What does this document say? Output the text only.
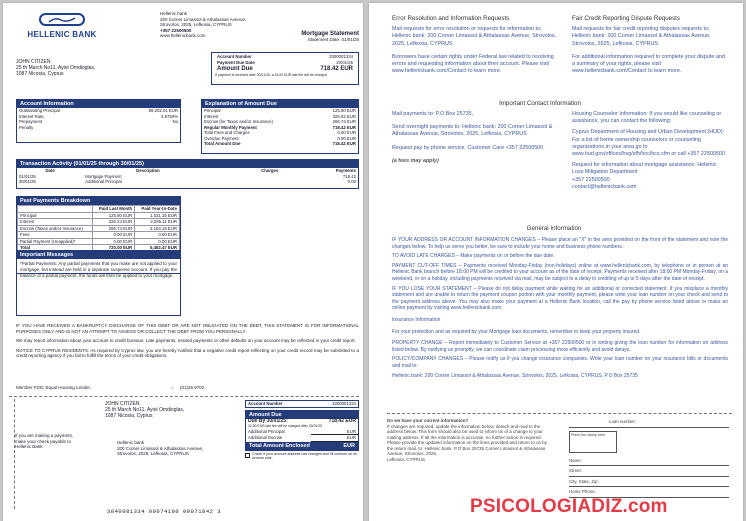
HELLENIC BANK
Hellenic bank
200 Corner Limassol & Athalassas Avenue,
Strovolos, 2025, Lefkosia, CYPRUS
+357 22500500
www.hellenicbank.com	Mortgage Statement
Statement Date: 01/01/25
JOHN CITIZEN
25 th March No11, Ayioi Omdioglas,
1087 Nicosia, Cyprus
Account Number	3300001334
Payment Due Date	20/01/25
Amount Due	718.42 EUR
If payment is received after 20/01/25, a 25.00 EUR late fee will be charged
Account Information
Outstanding Principal	89,202.01 EUR
Interest Rate	3.8750%
Prepayment	No
Penalty	
Explanation of Amount Due
Principal	125.80 EUR
Interest	325.82 EUR
Escrow (for Taxes and/or Insurance)	266.74 EUR
Regular Monthly Payment	718.42 EUR
Total Fees and Charges	0.00 EUR
Overdue Payment	0.00 EUR
Total Amount Due	718.42 EUR
Transaction Activity (01/01/25 through 30/01/25)
Date	Description	Charges	Payments
01/01/25	Mortgage Payment		718.42
30/01/25	Additional Principal		0.00
Past Payments Breakdown
	Paid Last Month	Paid Year-to-Date
Principal	125.80 EUR	1,531.15 EUR
Interest	326.24 EUR	2,285.11 EUR
Escrow (Taxes and/or Insurance)	266.74 EUR	2,163.19 EUR
Fees	0.00 EUR	0.00 EUR
Partial Payment (Unapplied)*	0.00 EUR	0.00 EUR
Total	720.00 EUR	5,462.47 EUR
Important Messages
*Partial Payments: Any partial payments that you make are not applied to your mortgage, but instead are held in a separate suspense account. If you pay the balance of a partial payment, the funds will then be applied to your mortgage.
IF YOU HAVE RECEIVED A BANKRUPTCY DISCHARGE OF THIS DEBT OR ARE NOT OBLIGATED ON THE DEBT, THIS STATEMENT IS FOR INFORMATIONAL PURPOSES ONLY AND IS NOT AN ATTEMPT TO ASSESS OR COLLECT THE DEBT FROM YOU PERSONALLY.
We may report information about your account to credit bureaus. Late payments, missed payments or other defaults on your account may be reflected in your credit report.
NOTICE TO CYPRUS RESIDENTS: As required by Cyprus law, you are hereby notified that a negative credit report reflecting on your credit record may be submitted to a credit reporting agency if you fail to fulfill the terms of your credit obligations.
Member FDIC Equal Housing Lender.	⌂ (01)25 9702
If you are making a payment, make your check payable to Hellenic Bank.
JOHN CITIZEN
25 th March No11, Ayioi Omdioglas,
1087 Nicosia, Cyprus
Hellenic bank
200 Corner Limassol & Athalassas Avenue,
Strovolos, 2025, Lefkosia, CYPRUS
Account Number	3300001334
Amount Due
Due By 30/01/25:	718.42 EUR
22.50 EUR late fee will be charged after 30/01/25	
Additional Principal	EUR
Additional Escrow	EUR
Total Amount Enclosed	EUR
Check if your account address has changed and fill conform on its reverse side.
3840081334 00074100 00071842 3
Error Resolution and Information Requests
Mail requests for error resolution or requests for information to: Hellenic bank: 200 Corner Limassol & Athalassas Avenue, Strovolos, 2025, Lefkosia, CYPRUS
Borrowers have certain rights under Federal law related to resolving errors and requesting information about their account. Please visit www.hellenicbank.com/Contact to learn more.
Important Contact Information
Mail payments to: P.O.Box 25735,
Send overnight payments to: Hellenic bank: 200 Corner Limassol & Athalassas Avenue, Strovolos, 2025, Lefkosia, CYPRUS
Request pay by phone service. Customer Care +357 22500500
(a fees may apply)
Fair Credit Reporting Dispute Requests
Mail requests for fair credit reporting disputes requests to: Hellenic bank: 200 Corner Limassol & Athalassas Avenue, Strovolos, 2025, Lefkosia, CYPRUS
For additional information required to complete your dispute and a summary of your rights, please visit www.hellenicbank.com/Contact to learn more.
Housing Counselor Information: If you would like counseling or assistance, you can contact the following:
Cyprus Department of Housing and Urban Development (HUD): For a list of home ownership counselors or counseling organizations in your area go to www.hud.gov/offices/hsg/sfh/hcc/hcs.cfm or call +357 22500500
Request for information about mortgage assistance: Hellenic Loss Mitigation Department
+357 22500500
contact@hellenicbank.com
General Information
IF YOUR ADDRESS OR ACCOUNT INFORMATION CHANGES – Please place an "X" in the area provided on the front of the statement and note the changes below. To help us serve you better, be sure to include your home and business phone numbers.
TO AVOID LATE CHARGES – Make payments on or before the due date.
PAYMENT CUT-OFF TIMES – Payments received Monday-Friday (non-holidays) online at www.hellenicbank.com, by telephone or in person at an Hellenic Bank branch before 18:00 PM will be credited to your account as of the date of receipt. Payments received after 18:00 PM Monday-Friday, on a weekend, or on a holiday, including payments received via mail, may be subject to a delay in crediting of up to 5 days after the date of receipt.
IF YOU LOSE YOUR STATEMENT – Please do not delay payment while waiting for an additional or corrected statement. If you misplace a monthly statement and are unable to return the payment coupon portion with your monthly payment, please write your loan number on your check and send to the payment address above. You may also make your payment at a Hellenic Bank location, call the pay by phone service listed above or make an online payment by visiting www.hellenicbank.com.
Insurance Information
For your protection and as required by your Mortgage loan documents, remember to keep your property insured.
PROPERTY CHANGE – Report immediately to Customer Service at +357 22500500 or in writing giving the loan number for information on address listed below. By notifying us promptly, we can coordinate claim processing more efficiently and avoid delays.
POLICY/COMPANY CHANGES – Please notify us if you change insurance companies. Write your loan number on your insurance bills or documents and mail to:
Hellenic bank: 200 Corner Limassol & Athalassas Avenue, Strovolos, 2025, Lefkosia, CYPRUS, P.O Box 25735
Do we have your current information?
If changes are required, update the information below, detach and mail to the address below. This form should also be used to inform us of a change to your mailing address. If all the information is accurate, no further action is required. Please provide the updated information on the lines provided and return to us by the return mail, to: Hellenic bank. P.O Box 25735 Corner Limassol & Athalassas Avenue, Strovolos, 2025,
Lefkosia, CYPRUS
Loan number:
Place the stamp here
Name:
Street:
City, State, Zip:
Home Phone:
PSICOLOGIADIZ.com
